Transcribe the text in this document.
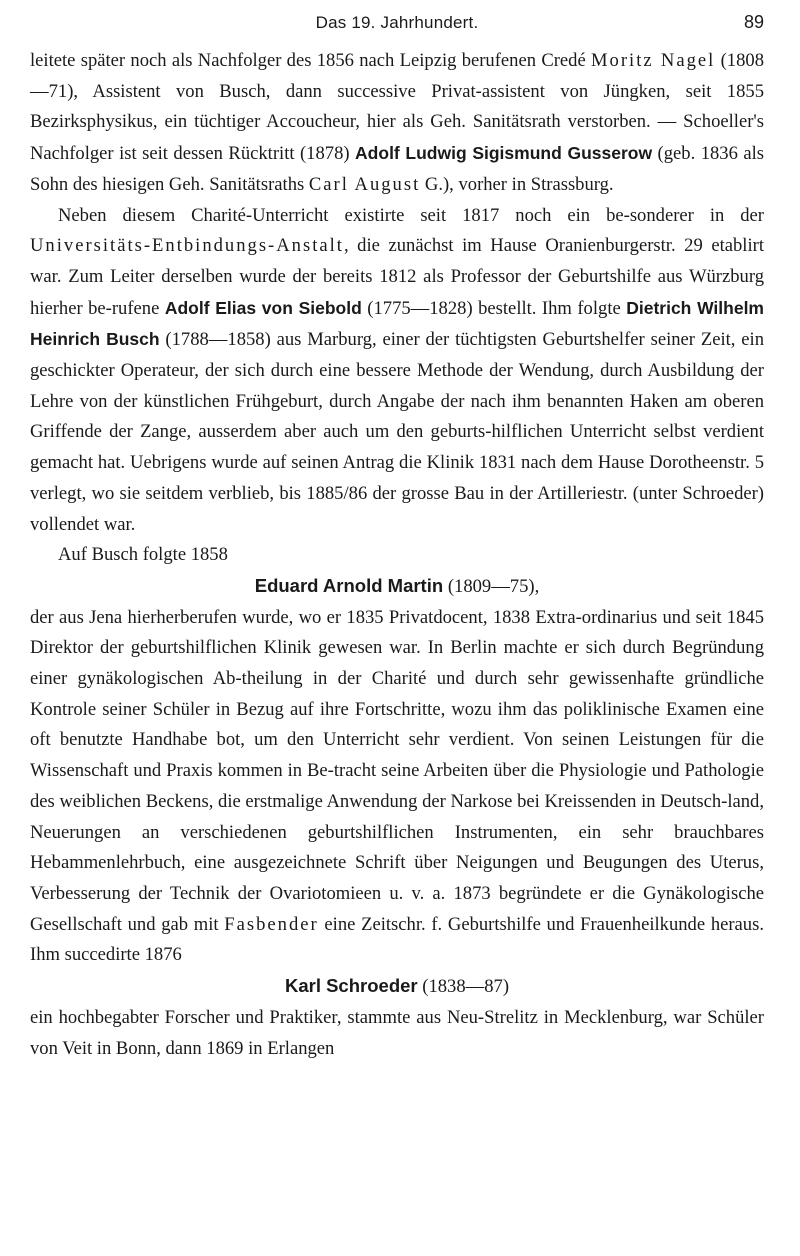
Das 19. Jahrhundert.	89

leitete später noch als Nachfolger des 1856 nach Leipzig berufenen Credé Moritz Nagel (1808—71), Assistent von Busch, dann successive Privat-assistent von Jüngken, seit 1855 Bezirksphysikus, ein tüchtiger Accoucheur, hier als Geh. Sanitätsrath verstorben. — Schoeller's Nachfolger ist seit dessen Rücktritt (1878) Adolf Ludwig Sigismund Gusserow (geb. 1836 als Sohn des hiesigen Geh. Sanitätsraths Carl August G.), vorher in Strassburg.

Neben diesem Charité-Unterricht existirte seit 1817 noch ein be-sonderer in der Universitäts-Entbindungs-Anstalt, die zunächst im Hause Oranienburgerstr. 29 etablirt war. Zum Leiter derselben wurde der bereits 1812 als Professor der Geburtshilfe aus Würzburg hierher be-rufene Adolf Elias von Siebold (1775—1828) bestellt. Ihm folgte Dietrich Wilhelm Heinrich Busch (1788—1858) aus Marburg, einer der tüchtigsten Geburtshelfer seiner Zeit, ein geschickter Operateur, der sich durch eine bessere Methode der Wendung, durch Ausbildung der Lehre von der künstlichen Frühgeburt, durch Angabe der nach ihm benannten Haken am oberen Griffende der Zange, ausserdem aber auch um den geburts-hilflichen Unterricht selbst verdient gemacht hat. Uebrigens wurde auf seinen Antrag die Klinik 1831 nach dem Hause Dorotheenstr. 5 verlegt, wo sie seitdem verblieb, bis 1885/86 der grosse Bau in der Artilleriestr. (unter Schroeder) vollendet war.

Auf Busch folgte 1858

Eduard Arnold Martin (1809—75),

der aus Jena hierherberufen wurde, wo er 1835 Privatdocent, 1838 Extra-ordinarius und seit 1845 Direktor der geburtshilflichen Klinik gewesen war. In Berlin machte er sich durch Begründung einer gynäkologischen Ab-theilung in der Charité und durch sehr gewissenhafte gründliche Kontrole seiner Schüler in Bezug auf ihre Fortschritte, wozu ihm das poliklinische Examen eine oft benutzte Handhabe bot, um den Unterricht sehr verdient. Von seinen Leistungen für die Wissenschaft und Praxis kommen in Be-tracht seine Arbeiten über die Physiologie und Pathologie des weiblichen Beckens, die erstmalige Anwendung der Narkose bei Kreissenden in Deutsch-land, Neuerungen an verschiedenen geburtshilflichen Instrumenten, ein sehr brauchbares Hebammenlehrbuch, eine ausgezeichnete Schrift über Neigungen und Beugungen des Uterus, Verbesserung der Technik der Ovariotomieen u. v. a. 1873 begründete er die Gynäkologische Gesellschaft und gab mit Fasbender eine Zeitschr. f. Geburtshilfe und Frauenheilkunde heraus. Ihm succedirte 1876

Karl Schroeder (1838—87)

ein hochbegabter Forscher und Praktiker, stammte aus Neu-Strelitz in Mecklenburg, war Schüler von Veit in Bonn, dann 1869 in Erlangen
